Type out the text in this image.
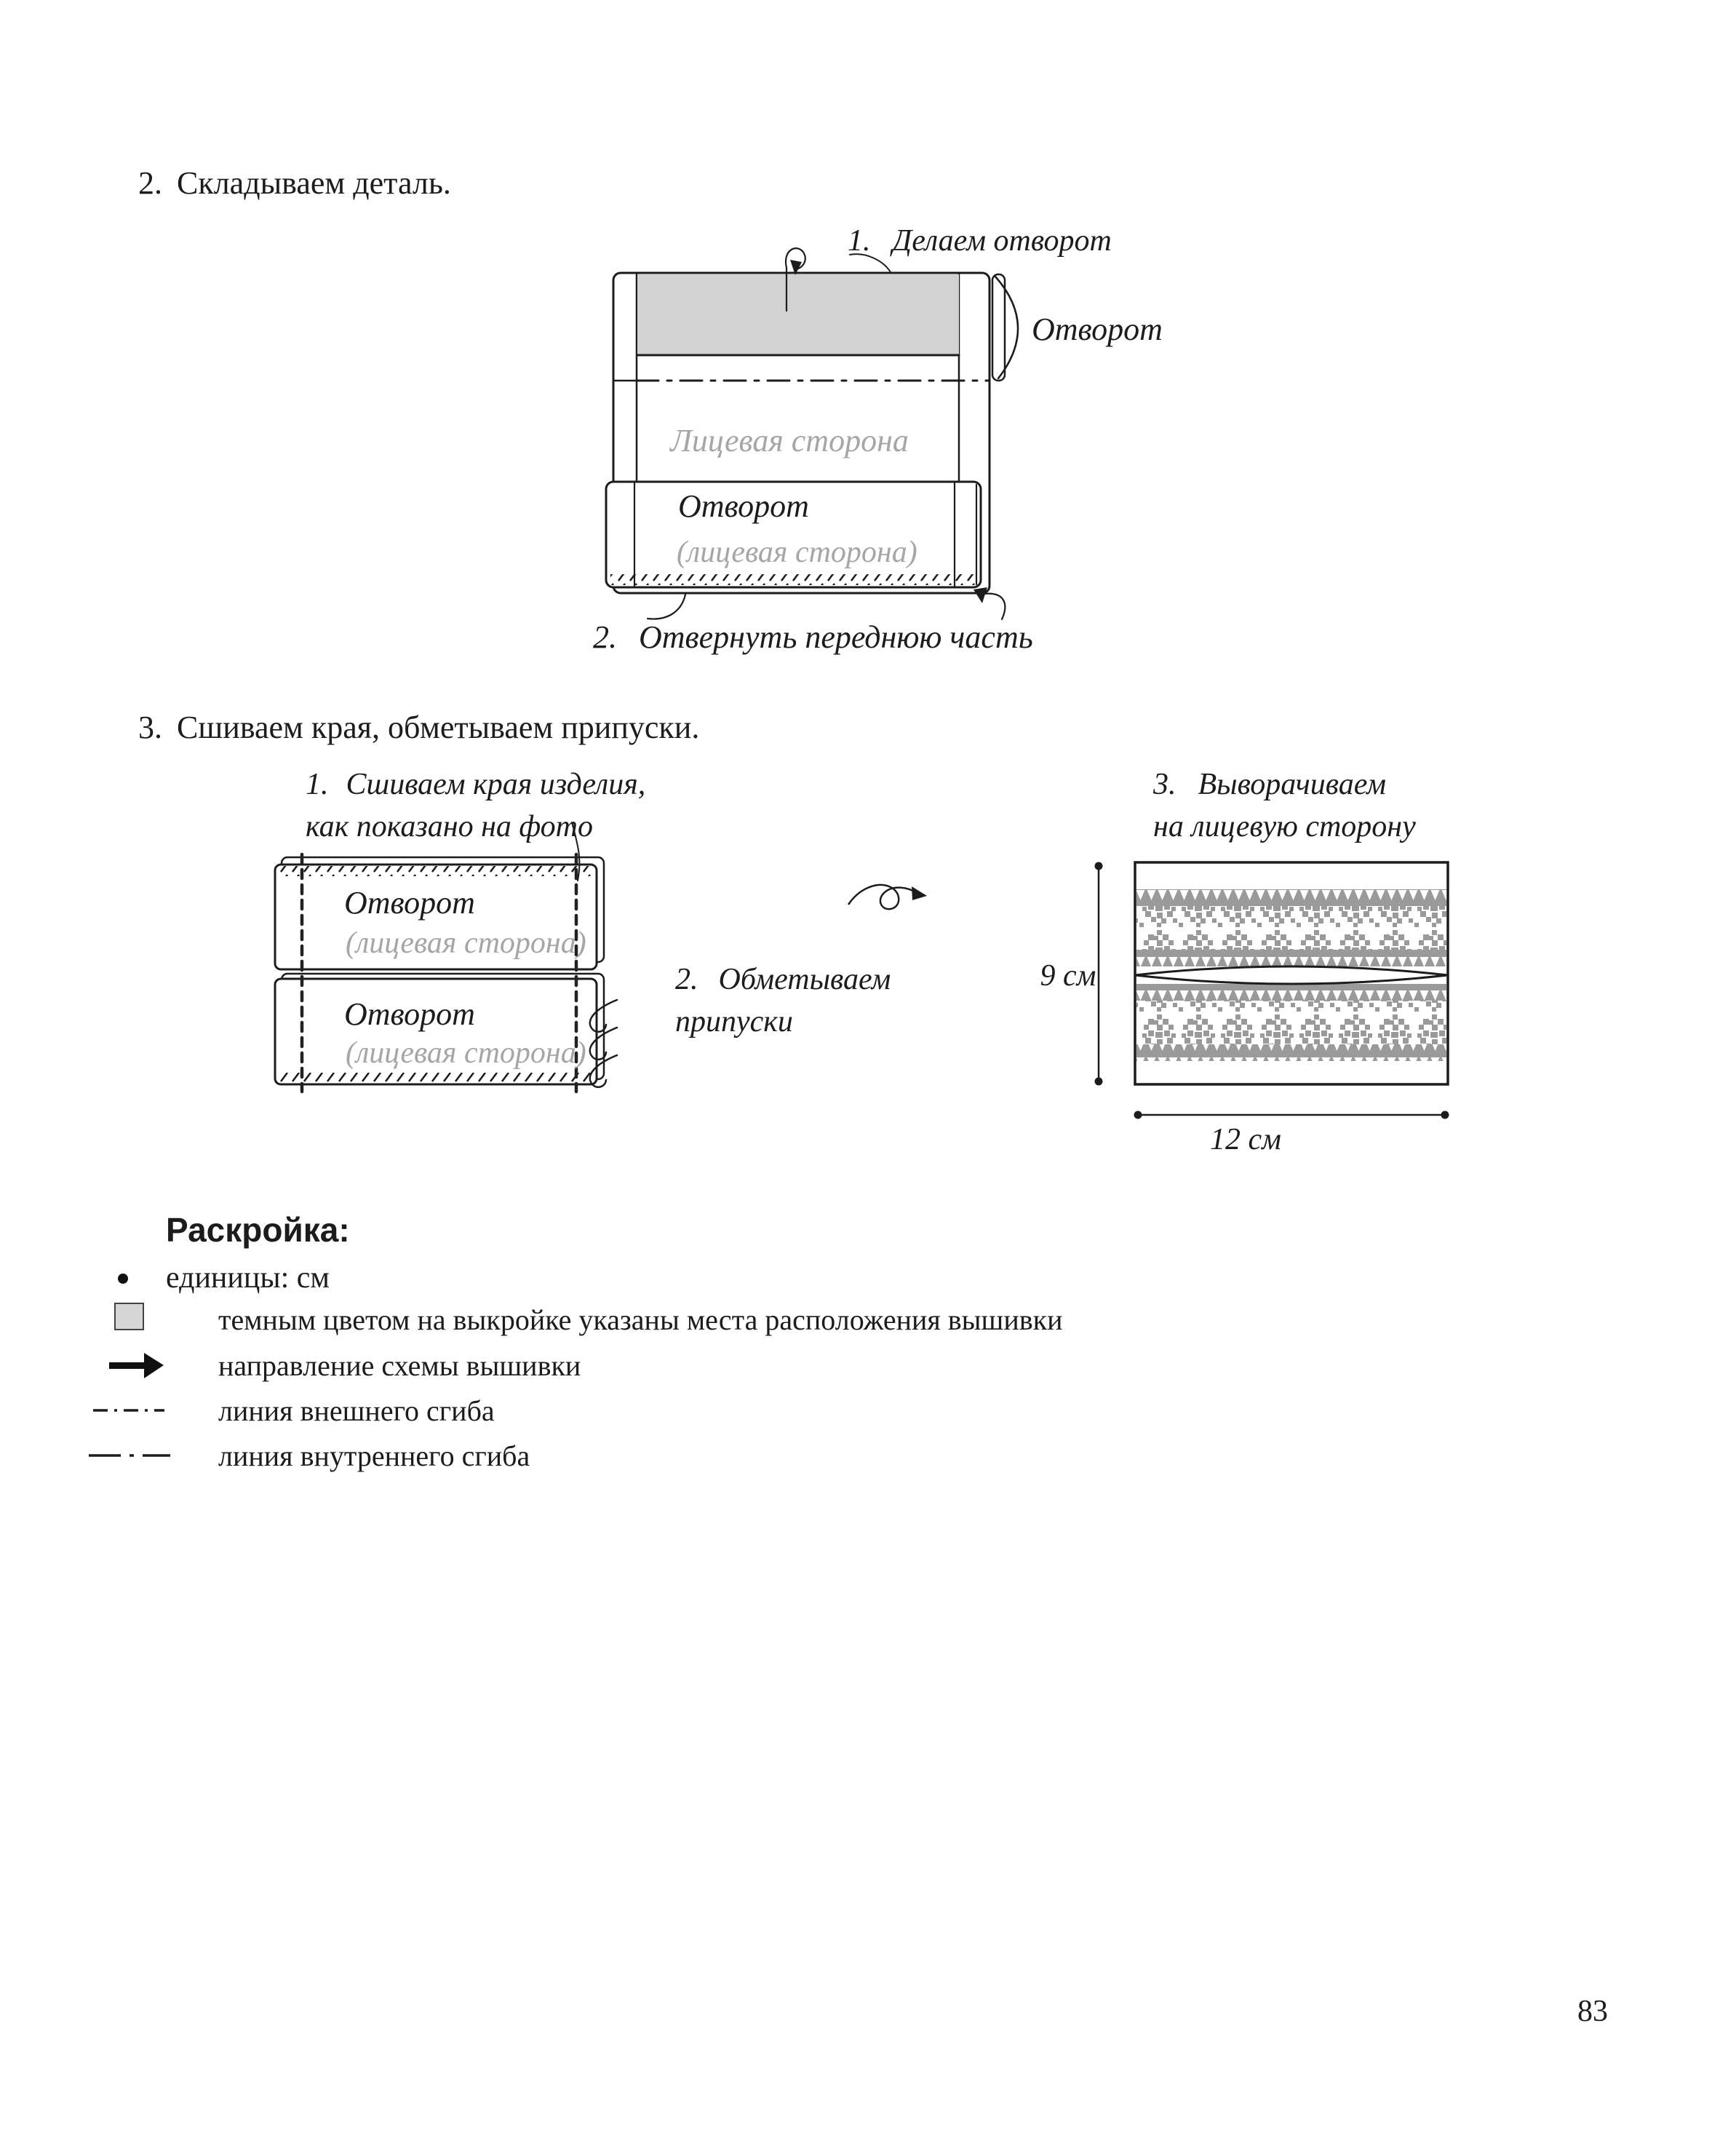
2. Складываем деталь.
1. Делаем отворот
Отворот
Лицевая сторона
Отворот
(лицевая сторона)
2. Отвернуть переднюю часть
3. Сшиваем края, обметываем припуски.
1. Сшиваем края изделия,
как показано на фото
Отворот
(лицевая сторона)
Отворот
(лицевая сторона)
2. Обметываем
припуски
3. Выворачиваем
на лицевую сторону
9 см
12 см
Раскройка:
единицы: см
темным цветом на выкройке указаны места расположения вышивки
направление схемы вышивки
линия внешнего сгиба
линия внутреннего сгиба
83
